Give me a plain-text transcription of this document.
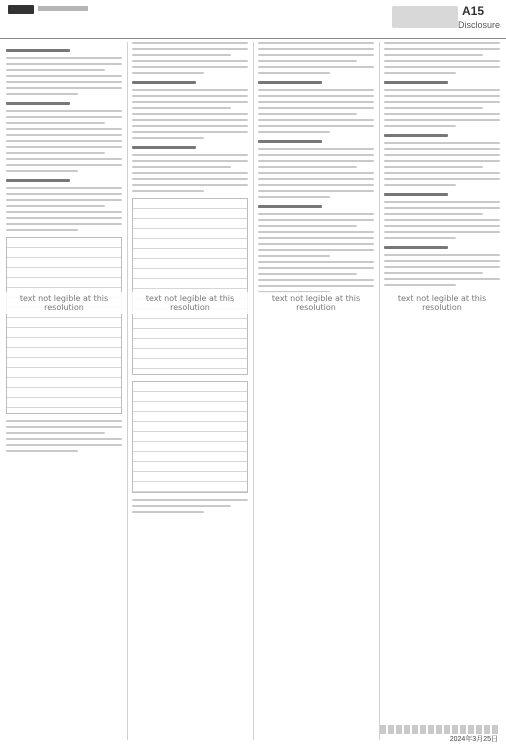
A15
Disclosure
text not legible at this resolution
text not legible at this resolution
text not legible at this resolution
text not legible at this resolution
2024年3月25日
